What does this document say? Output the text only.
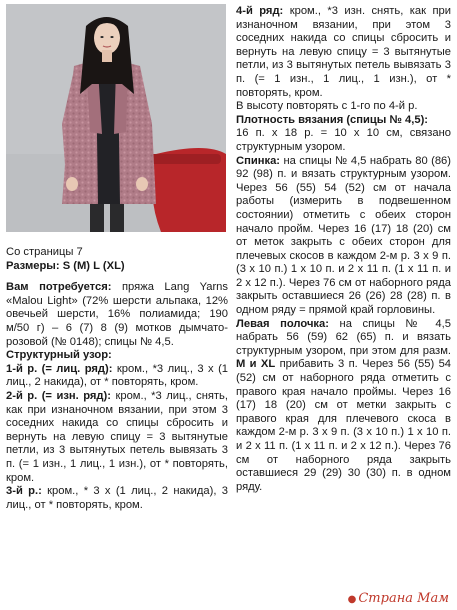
Со страницы 7

Размеры: S (M) L (XL)

Вам потребуется: пряжа Lang Yarns «Malou Light» (72% шерсти альпака, 12% овечьей шерсти, 16% полиамида; 190 м/50 г) – 6 (7) 8 (9) мотков дымчато-розовой (№ 0148); спицы № 4,5.

Структурный узор:

1-й р. (= лиц. ряд): кром., *3 лиц., 3 х (1 лиц., 2 накида), от * повторять, кром.

2-й р. (= изн. ряд): кром., *3 лиц., снять, как при изнаночном вязании, при этом 3 соседних накида со спицы сбросить и вернуть на левую спицу = 3 вытянутые петли, из 3 вытянутых петель вывязать 3 п. (= 1 изн., 1 лиц., 1 изн.), от * повторять, кром.

3-й р.: кром., * 3 х (1 лиц., 2 накида), 3 лиц., от * повторять, кром.

4-й ряд: кром., *3 изн. снять, как при изнаночном вязании, при этом 3 соседних накида со спицы сбросить и вернуть на левую спицу = 3 вытянутые петли, из 3 вытянутых петель вывязать 3 п. (= 1 изн., 1 лиц., 1 изн.), от * повторять, кром.

В высоту повторять с 1-го по 4-й р.

Плотность вязания (спицы № 4,5):

16 п. х 18 р. = 10 х 10 см, связано структурным узором.

Спинка: на спицы № 4,5 набрать 80 (86) 92 (98) п. и вязать структурным узором. Через 56 (55) 54 (52) см от начала работы (измерить в подвешенном состоянии) отметить с обеих сторон начало пройм. Через 16 (17) 18 (20) см от меток закрыть с обеих сторон для плечевых скосов в каждом 2-м р. 3 х 9 п. (3 х 10 п.) 1 х 10 п. и 2 х 11 п. (1 х 11 п. и 2 х 12 п.). Через 76 см от наборного ряда закрыть оставшиеся 26 (26) 28 (28) п. в одном ряду = прямой край горловины.

Левая полочка: на спицы № 4,5 набрать 56 (59) 62 (65) п. и вязать структурным узором, при этом для разм. M и XL прибавить 3 п. Через 56 (55) 54 (52) см от наборного ряда отметить с правого края начало проймы. Через 16 (17) 18 (20) см от метки закрыть с правого края для плечевого скоса в каждом 2-м р. 3 х 9 п. (3 х 10 п.) 1 х 10 п. и 2 х 11 п. (1 х 11 п. и 2 х 12 п.). Через 76 см от наборного ряда закрыть оставшиеся 29 (29) 30 (30) п. в одном ряду.

● Страна Мам
